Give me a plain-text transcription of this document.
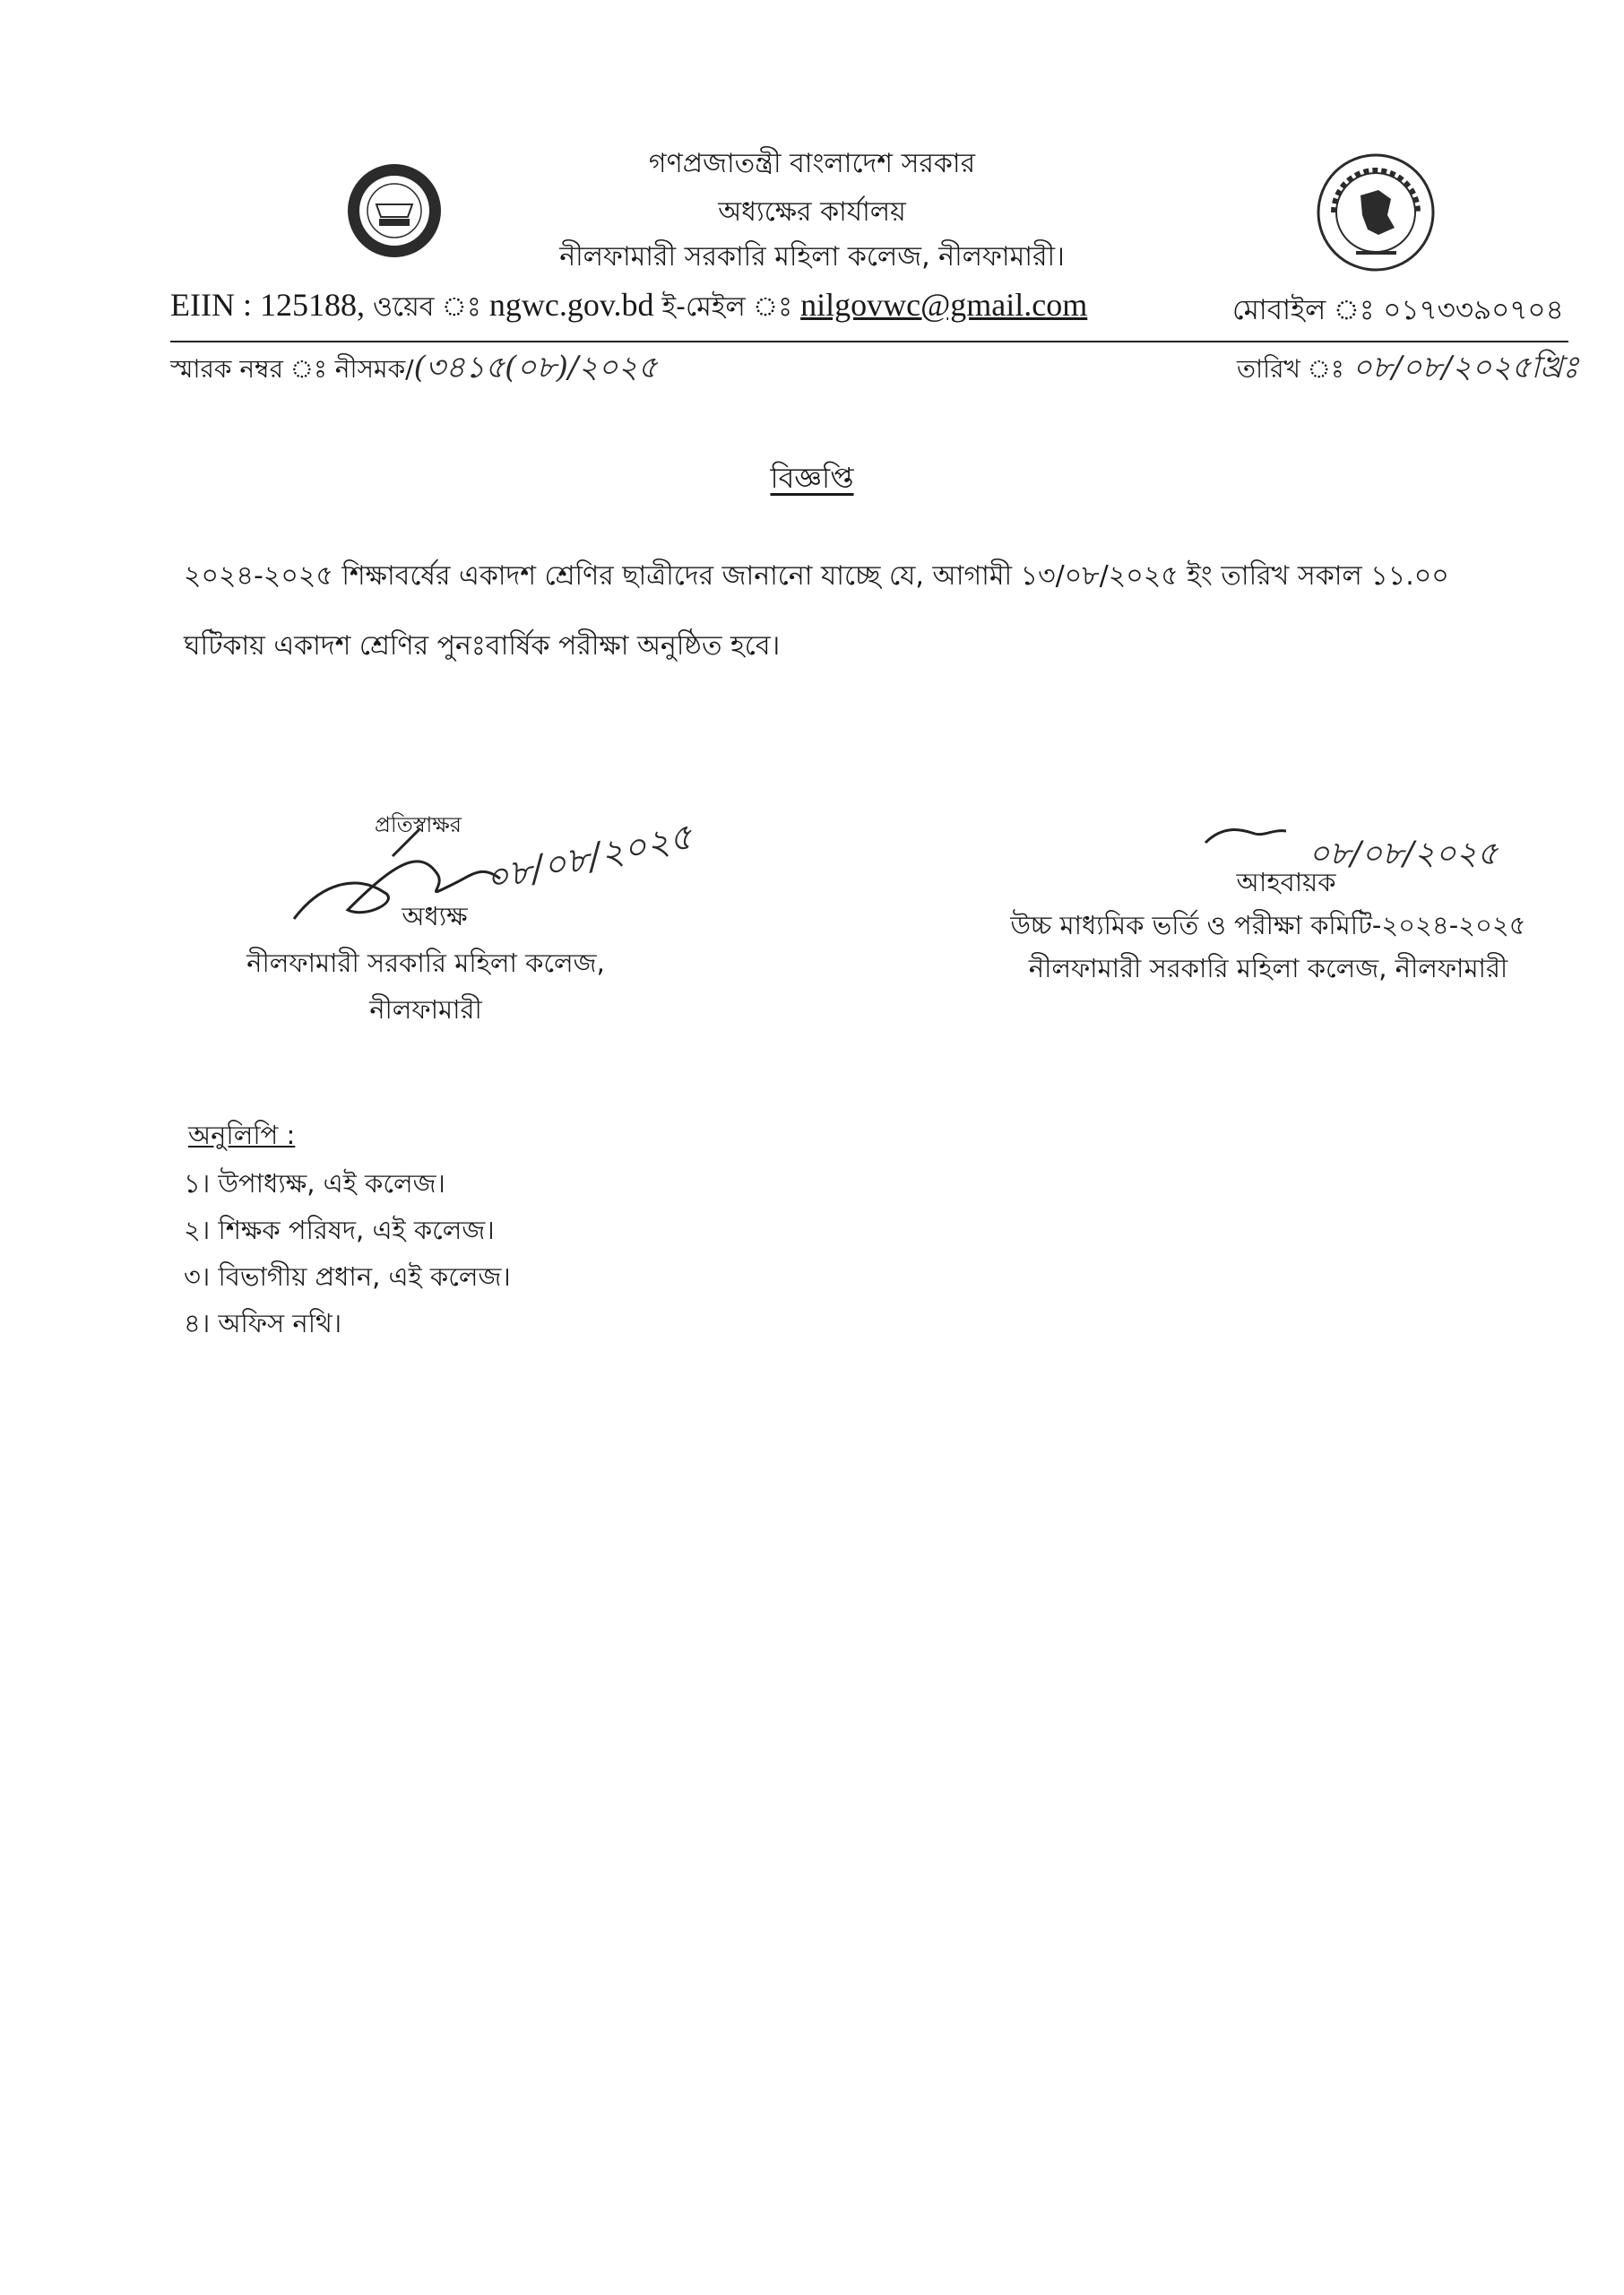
গণপ্রজাতন্ত্রী বাংলাদেশ সরকার
অধ্যক্ষের কার্যালয়
নীলফামারী সরকারি মহিলা কলেজ, নীলফামারী।
EIIN : 125188, ওয়েব ঃ ngwc.gov.bd ই-মেইল ঃ nilgovwc@gmail.com	মোবাইল ঃ ০১৭৩৩৯০৭০৪
স্মারক নম্বর ঃ নীসমক/(৩৪১৫(০৮)/২০২৫	তারিখ ঃ ০৮/০৮/২০২৫খ্রিঃ
বিজ্ঞপ্তি
২০২৪-২০২৫ শিক্ষাবর্ষের একাদশ শ্রেণির ছাত্রীদের জানানো যাচ্ছে যে, আগামী ১৩/০৮/২০২৫ ইং তারিখ সকাল ১১.০০
ঘটিকায় একাদশ শ্রেণির পুনঃবার্ষিক পরীক্ষা অনুষ্ঠিত হবে।
প্রতিস্বাক্ষর ০৮/০৮/২০২৫
অধ্যক্ষ
নীলফামারী সরকারি মহিলা কলেজ,
নীলফামারী
০৮/০৮/২০২৫
আহবায়ক
উচ্চ মাধ্যমিক ভর্তি ও পরীক্ষা কমিটি-২০২৪-২০২৫
নীলফামারী সরকারি মহিলা কলেজ, নীলফামারী
অনুলিপি :
১। উপাধ্যক্ষ, এই কলেজ।
২। শিক্ষক পরিষদ, এই কলেজ।
৩। বিভাগীয় প্রধান, এই কলেজ।
৪। অফিস নথি।
